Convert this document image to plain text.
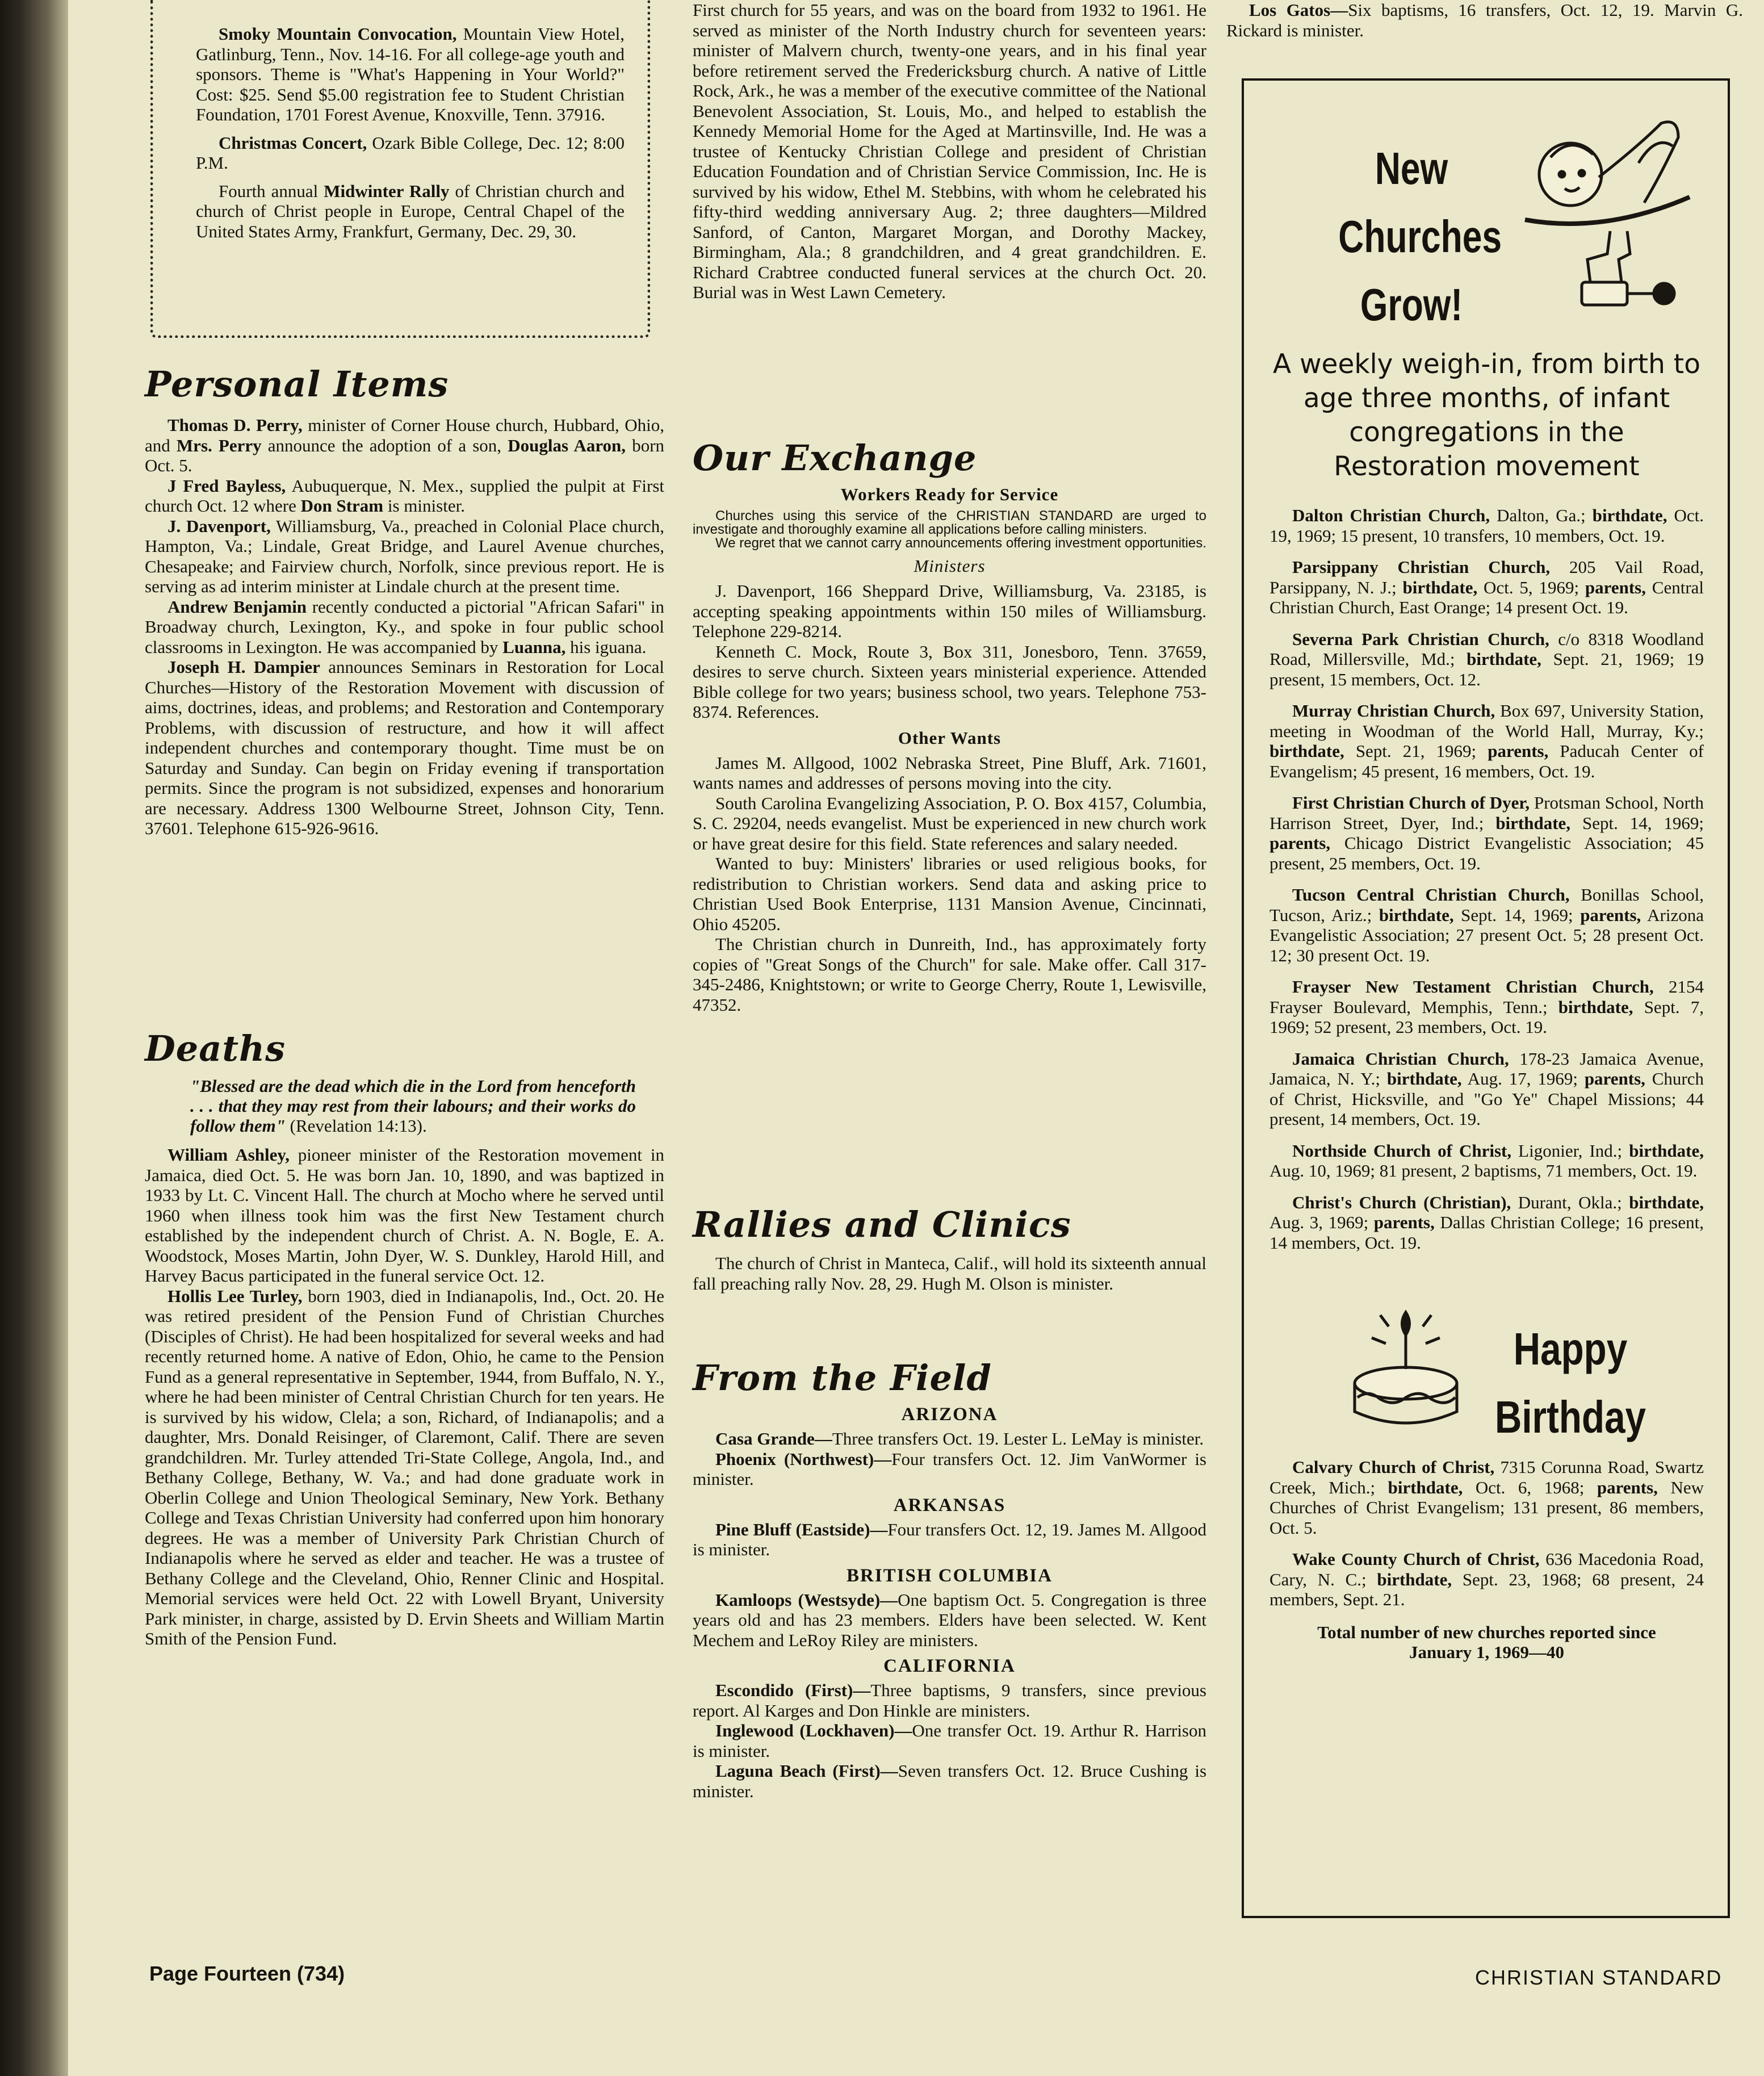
Smoky Mountain Convocation, Mountain View Hotel, Gatlinburg, Tenn., Nov. 14-16. For all college-age youth and sponsors. Theme is "What's Happening in Your World?" Cost: $25. Send $5.00 registration fee to Student Christian Foundation, 1701 Forest Avenue, Knoxville, Tenn. 37916.

Christmas Concert, Ozark Bible College, Dec. 12; 8:00 P.M.

Fourth annual Midwinter Rally of Christian church and church of Christ people in Europe, Central Chapel of the United States Army, Frankfurt, Germany, Dec. 29, 30.

Personal Items

Thomas D. Perry, minister of Corner House church, Hubbard, Ohio, and Mrs. Perry announce the adoption of a son, Douglas Aaron, born Oct. 5.

J Fred Bayless, Aubuquerque, N. Mex., supplied the pulpit at First church Oct. 12 where Don Stram is minister.

J. Davenport, Williamsburg, Va., preached in Colonial Place church, Hampton, Va.; Lindale, Great Bridge, and Laurel Avenue churches, Chesapeake; and Fairview church, Norfolk, since previous report. He is serving as ad interim minister at Lindale church at the present time.

Andrew Benjamin recently conducted a pictorial "African Safari" in Broadway church, Lexington, Ky., and spoke in four public school classrooms in Lexington. He was accompanied by Luanna, his iguana.

Joseph H. Dampier announces Seminars in Restoration for Local Churches—History of the Restoration Movement with discussion of aims, doctrines, ideas, and problems; and Restoration and Contemporary Problems, with discussion of restructure, and how it will affect independent churches and contemporary thought. Time must be on Saturday and Sunday. Can begin on Friday evening if transportation permits. Since the program is not subsidized, expenses and honorarium are necessary. Address 1300 Welbourne Street, Johnson City, Tenn. 37601. Telephone 615-926-9616.

Deaths

"Blessed are the dead which die in the Lord from henceforth . . . that they may rest from their labours; and their works do follow them" (Revelation 14:13).

William Ashley, pioneer minister of the Restoration movement in Jamaica, died Oct. 5. He was born Jan. 10, 1890, and was baptized in 1933 by Lt. C. Vincent Hall. The church at Mocho where he served until 1960 when illness took him was the first New Testament church established by the independent church of Christ. A. N. Bogle, E. A. Woodstock, Moses Martin, John Dyer, W. S. Dunkley, Harold Hill, and Harvey Bacus participated in the funeral service Oct. 12.

Hollis Lee Turley, born 1903, died in Indianapolis, Ind., Oct. 20. He was retired president of the Pension Fund of Christian Churches (Disciples of Christ). He had been hospitalized for several weeks and had recently returned home. A native of Edon, Ohio, he came to the Pension Fund as a general representative in September, 1944, from Buffalo, N. Y., where he had been minister of Central Christian Church for ten years. He is survived by his widow, Clela; a son, Richard, of Indianapolis; and a daughter, Mrs. Donald Reisinger, of Claremont, Calif. There are seven grandchildren. Mr. Turley attended Tri-State College, Angola, Ind., and Bethany College, Bethany, W. Va.; and had done graduate work in Oberlin College and Union Theological Seminary, New York. Bethany College and Texas Christian University had conferred upon him honorary degrees. He was a member of University Park Christian Church of Indianapolis where he served as elder and teacher. He was a trustee of Bethany College and the Cleveland, Ohio, Renner Clinic and Hospital. Memorial services were held Oct. 22 with Lowell Bryant, University Park minister, in charge, assisted by D. Ervin Sheets and William Martin Smith of the Pension Fund.

First church for 55 years, and was on the board from 1932 to 1961. He served as minister of the North Industry church for seventeen years: minister of Malvern church, twenty-one years, and in his final year before retirement served the Fredericksburg church. A native of Little Rock, Ark., he was a member of the executive committee of the National Benevolent Association, St. Louis, Mo., and helped to establish the Kennedy Memorial Home for the Aged at Martinsville, Ind. He was a trustee of Kentucky Christian College and president of Christian Education Foundation and of Christian Service Commission, Inc. He is survived by his widow, Ethel M. Stebbins, with whom he celebrated his fifty-third wedding anniversary Aug. 2; three daughters—Mildred Sanford, of Canton, Margaret Morgan, and Dorothy Mackey, Birmingham, Ala.; 8 grandchildren, and 4 great grandchildren. E. Richard Crabtree conducted funeral services at the church Oct. 20. Burial was in West Lawn Cemetery.

Our Exchange
Workers Ready for Service

Churches using this service of the CHRISTIAN STANDARD are urged to investigate and thoroughly examine all applications before calling ministers.

We regret that we cannot carry announcements offering investment opportunities.

Ministers

J. Davenport, 166 Sheppard Drive, Williamsburg, Va. 23185, is accepting speaking appointments within 150 miles of Williamsburg. Telephone 229-8214.

Kenneth C. Mock, Route 3, Box 311, Jonesboro, Tenn. 37659, desires to serve church. Sixteen years ministerial experience. Attended Bible college for two years; business school, two years. Telephone 753-8374. References.

Other Wants

James M. Allgood, 1002 Nebraska Street, Pine Bluff, Ark. 71601, wants names and addresses of persons moving into the city.

South Carolina Evangelizing Association, P. O. Box 4157, Columbia, S. C. 29204, needs evangelist. Must be experienced in new church work or have great desire for this field. State references and salary needed.

Wanted to buy: Ministers' libraries or used religious books, for redistribution to Christian workers. Send data and asking price to Christian Used Book Enterprise, 1131 Mansion Avenue, Cincinnati, Ohio 45205.

The Christian church in Dunreith, Ind., has approximately forty copies of "Great Songs of the Church" for sale. Make offer. Call 317-345-2486, Knightstown; or write to George Cherry, Route 1, Lewisville, 47352.

Rallies and Clinics

The church of Christ in Manteca, Calif., will hold its sixteenth annual fall preaching rally Nov. 28, 29. Hugh M. Olson is minister.

From the Field
ARIZONA

Casa Grande—Three transfers Oct. 19. Lester L. LeMay is minister.

Phoenix (Northwest)—Four transfers Oct. 12. Jim VanWormer is minister.

ARKANSAS

Pine Bluff (Eastside)—Four transfers Oct. 12, 19. James M. Allgood is minister.

BRITISH COLUMBIA

Kamloops (Westsyde)—One baptism Oct. 5. Congregation is three years old and has 23 members. Elders have been selected. W. Kent Mechem and LeRoy Riley are ministers.

CALIFORNIA

Escondido (First)—Three baptisms, 9 transfers, since previous report. Al Karges and Don Hinkle are ministers.

Inglewood (Lockhaven)—One transfer Oct. 19. Arthur R. Harrison is minister.

Laguna Beach (First)—Seven transfers Oct. 12. Bruce Cushing is minister.

Los Gatos—Six baptisms, 16 transfers, Oct. 12, 19. Marvin G. Rickard is minister.

New
Churches
Grow!
A weekly weigh-in, from birth to age three months, of infant congregations in the Restoration movement

Dalton Christian Church, Dalton, Ga.; birthdate, Oct. 19, 1969; 15 present, 10 transfers, 10 members, Oct. 19.

Parsippany Christian Church, 205 Vail Road, Parsippany, N. J.; birthdate, Oct. 5, 1969; parents, Central Christian Church, East Orange; 14 present Oct. 19.

Severna Park Christian Church, c/o 8318 Woodland Road, Millersville, Md.; birthdate, Sept. 21, 1969; 19 present, 15 members, Oct. 12.

Murray Christian Church, Box 697, University Station, meeting in Woodman of the World Hall, Murray, Ky.; birthdate, Sept. 21, 1969; parents, Paducah Center of Evangelism; 45 present, 16 members, Oct. 19.

First Christian Church of Dyer, Protsman School, North Harrison Street, Dyer, Ind.; birthdate, Sept. 14, 1969; parents, Chicago District Evangelistic Association; 45 present, 25 members, Oct. 19.

Tucson Central Christian Church, Bonillas School, Tucson, Ariz.; birthdate, Sept. 14, 1969; parents, Arizona Evangelistic Association; 27 present Oct. 5; 28 present Oct. 12; 30 present Oct. 19.

Frayser New Testament Christian Church, 2154 Frayser Boulevard, Memphis, Tenn.; birthdate, Sept. 7, 1969; 52 present, 23 members, Oct. 19.

Jamaica Christian Church, 178-23 Jamaica Avenue, Jamaica, N. Y.; birthdate, Aug. 17, 1969; parents, Church of Christ, Hicksville, and "Go Ye" Chapel Missions; 44 present, 14 members, Oct. 19.

Northside Church of Christ, Ligonier, Ind.; birthdate, Aug. 10, 1969; 81 present, 2 baptisms, 71 members, Oct. 19.

Christ's Church (Christian), Durant, Okla.; birthdate, Aug. 3, 1969; parents, Dallas Christian College; 16 present, 14 members, Oct. 19.

Happy
Birthday

Calvary Church of Christ, 7315 Corunna Road, Swartz Creek, Mich.; birthdate, Oct. 6, 1968; parents, New Churches of Christ Evangelism; 131 present, 86 members, Oct. 5.

Wake County Church of Christ, 636 Macedonia Road, Cary, N. C.; birthdate, Sept. 23, 1968; 68 present, 24 members, Sept. 21.

Total number of new churches reported since January 1, 1969—40

Page Fourteen (734)	CHRISTIAN STANDARD
